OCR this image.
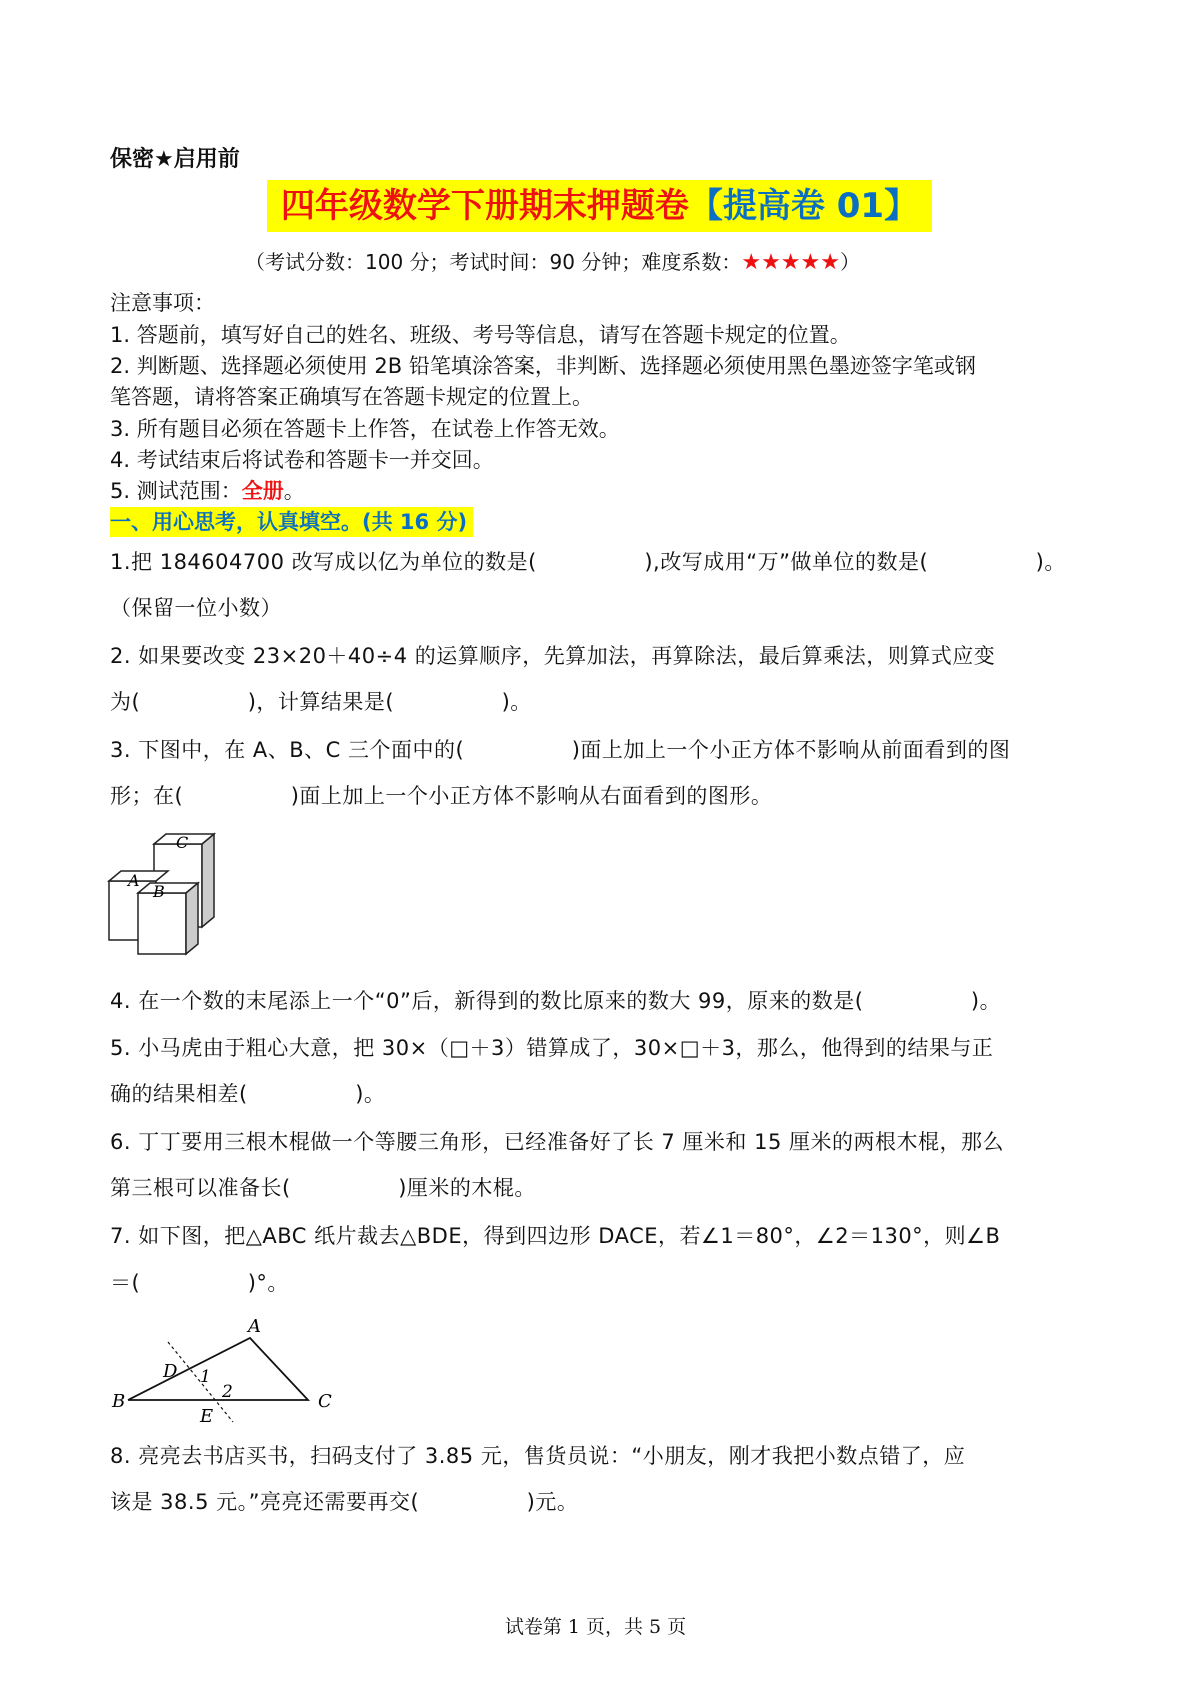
保密★启用前
四年级数学下册期末押题卷【提高卷 01】
（考试分数：100 分；考试时间：90 分钟；难度系数：★★★★★）
注意事项：
1. 答题前，填写好自己的姓名、班级、考号等信息，请写在答题卡规定的位置。
2. 判断题、选择题必须使用 2B 铅笔填涂答案，非判断、选择题必须使用黑色墨迹签字笔或钢
笔答题，请将答案正确填写在答题卡规定的位置上。
3. 所有题目必须在答题卡上作答，在试卷上作答无效。
4. 考试结束后将试卷和答题卡一并交回。
5. 测试范围：全册。
一、用心思考，认真填空。(共 16 分)
1.把 184604700 改写成以亿为单位的数是(　　　　　),改写成用“万”做单位的数是(　　　　　)。
（保留一位小数）
2. 如果要改变 23×20＋40÷4 的运算顺序，先算加法，再算除法，最后算乘法，则算式应变
为(　　　　　)，计算结果是(　　　　　)。
3. 下图中，在 A、B、C 三个面中的(　　　　　)面上加上一个小正方体不影响从前面看到的图
形；在(　　　　　)面上加上一个小正方体不影响从右面看到的图形。
C
A
B
4. 在一个数的末尾添上一个“0”后，新得到的数比原来的数大 99，原来的数是(　　　　　)。
5. 小马虎由于粗心大意，把 30×（□＋3）错算成了，30×□＋3，那么，他得到的结果与正
确的结果相差(　　　　　)。
6. 丁丁要用三根木棍做一个等腰三角形，已经准备好了长 7 厘米和 15 厘米的两根木棍，那么
第三根可以准备长(　　　　　)厘米的木棍。
7. 如下图，把△ABC 纸片裁去△BDE，得到四边形 DACE，若∠1＝80°，∠2＝130°，则∠B
＝(　　　　　)°。
A
B	C
D
E
1
2
8. 亮亮去书店买书，扫码支付了 3.85 元，售货员说：“小朋友，刚才我把小数点错了，应
该是 38.5 元。”亮亮还需要再交(　　　　　)元。
试卷第 1 页，共 5 页
